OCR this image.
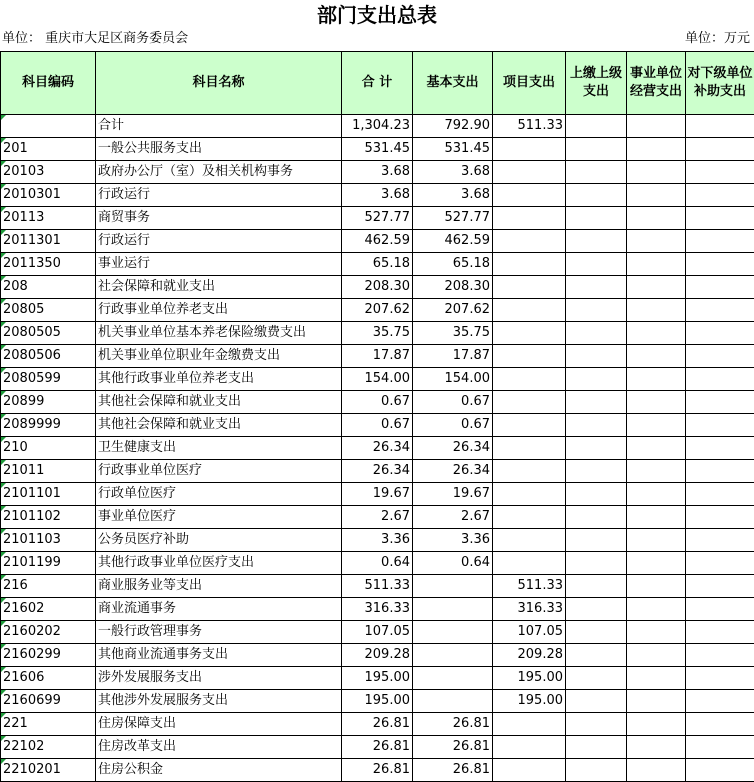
部门支出总表
单位： 重庆市大足区商务委员会	单位：万元
科目编码	科目名称	合 计	基本支出	项目支出	上缴上级支出	事业单位经营支出	对下级单位补助支出
	合计	1,304.23	792.90	511.33			
201	一般公共服务支出	531.45	531.45				
20103	政府办公厅（室）及相关机构事务	3.68	3.68				
2010301	行政运行	3.68	3.68				
20113	商贸事务	527.77	527.77				
2011301	行政运行	462.59	462.59				
2011350	事业运行	65.18	65.18				
208	社会保障和就业支出	208.30	208.30				
20805	行政事业单位养老支出	207.62	207.62				
2080505	机关事业单位基本养老保险缴费支出	35.75	35.75				
2080506	机关事业单位职业年金缴费支出	17.87	17.87				
2080599	其他行政事业单位养老支出	154.00	154.00				
20899	其他社会保障和就业支出	0.67	0.67				
2089999	其他社会保障和就业支出	0.67	0.67				
210	卫生健康支出	26.34	26.34				
21011	行政事业单位医疗	26.34	26.34				
2101101	行政单位医疗	19.67	19.67				
2101102	事业单位医疗	2.67	2.67				
2101103	公务员医疗补助	3.36	3.36				
2101199	其他行政事业单位医疗支出	0.64	0.64				
216	商业服务业等支出	511.33		511.33			
21602	商业流通事务	316.33		316.33			
2160202	一般行政管理事务	107.05		107.05			
2160299	其他商业流通事务支出	209.28		209.28			
21606	涉外发展服务支出	195.00		195.00			
2160699	其他涉外发展服务支出	195.00		195.00			
221	住房保障支出	26.81	26.81				
22102	住房改革支出	26.81	26.81				
2210201	住房公积金	26.81	26.81				
